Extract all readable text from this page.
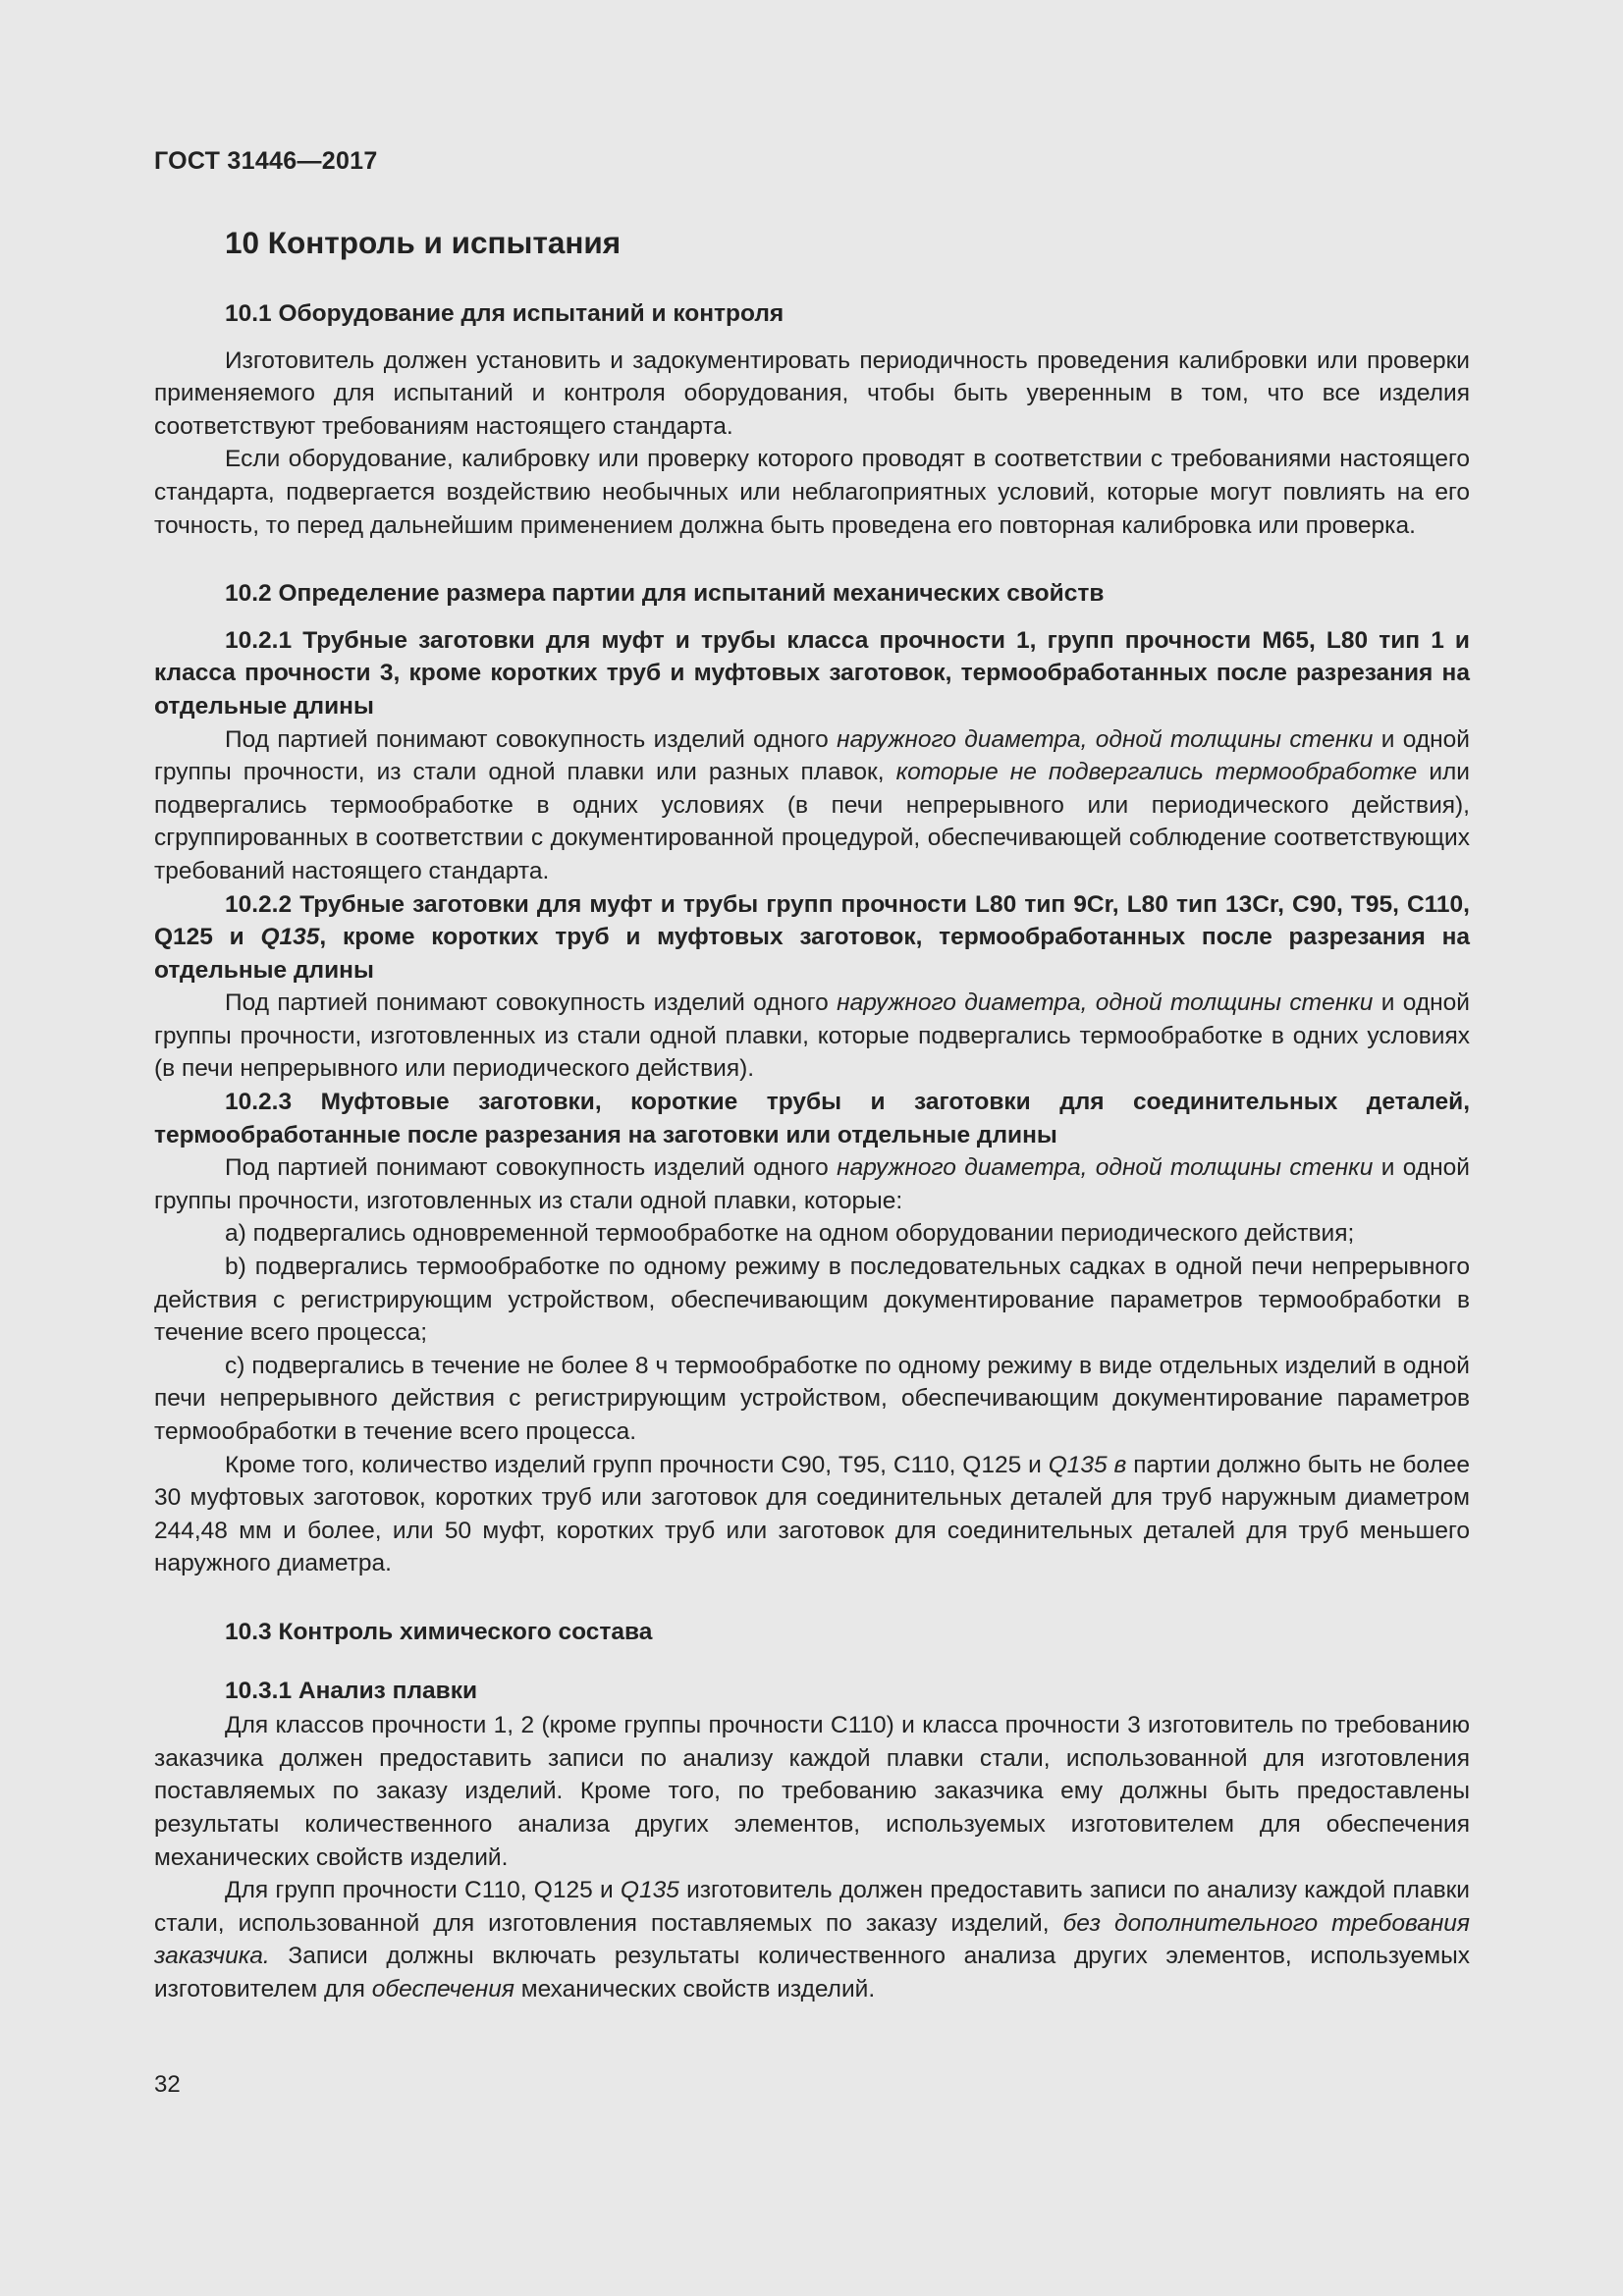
ГОСТ 31446—2017
10 Контроль и испытания
10.1 Оборудование для испытаний и контроля

Изготовитель должен установить и задокументировать периодичность проведения калибровки или проверки применяемого для испытаний и контроля оборудования, чтобы быть уверенным в том, что все изделия соответствуют требованиям настоящего стандарта.

Если оборудование, калибровку или проверку которого проводят в соответствии с требованиями настоящего стандарта, подвергается воздействию необычных или неблагоприятных условий, которые могут повлиять на его точность, то перед дальнейшим применением должна быть проведена его повторная калибровка или проверка.

10.2 Определение размера партии для испытаний механических свойств
10.2.1 Трубные заготовки для муфт и трубы класса прочности 1, групп прочности М65, L80 тип 1 и класса прочности 3, кроме коротких труб и муфтовых заготовок, термообработанных после разрезания на отдельные длины

Под партией понимают совокупность изделий одного наружного диаметра, одной толщины стенки и одной группы прочности, из стали одной плавки или разных плавок, которые не подвергались термообработке или подвергались термообработке в одних условиях (в печи непрерывного или периодического действия), сгруппированных в соответствии с документированной процедурой, обеспечивающей соблюдение соответствующих требований настоящего стандарта.

10.2.2 Трубные заготовки для муфт и трубы групп прочности L80 тип 9Cr, L80 тип 13Cr, С90, Т95, С110, Q125 и Q135, кроме коротких труб и муфтовых заготовок, термообработанных после разрезания на отдельные длины

Под партией понимают совокупность изделий одного наружного диаметра, одной толщины стенки и одной группы прочности, изготовленных из стали одной плавки, которые подвергались термообработке в одних условиях (в печи непрерывного или периодического действия).

10.2.3 Муфтовые заготовки, короткие трубы и заготовки для соединительных деталей, термообработанные после разрезания на заготовки или отдельные длины

Под партией понимают совокупность изделий одного наружного диаметра, одной толщины стенки и одной группы прочности, изготовленных из стали одной плавки, которые:

а) подвергались одновременной термообработке на одном оборудовании периодического действия;

b) подвергались термообработке по одному режиму в последовательных садках в одной печи непрерывного действия с регистрирующим устройством, обеспечивающим документирование параметров термообработки в течение всего процесса;

с) подвергались в течение не более 8 ч термообработке по одному режиму в виде отдельных изделий в одной печи непрерывного действия с регистрирующим устройством, обеспечивающим документирование параметров термообработки в течение всего процесса.

Кроме того, количество изделий групп прочности С90, Т95, С110, Q125 и Q135 в партии должно быть не более 30 муфтовых заготовок, коротких труб или заготовок для соединительных деталей для труб наружным диаметром 244,48 мм и более, или 50 муфт, коротких труб или заготовок для соединительных деталей для труб меньшего наружного диаметра.

10.3 Контроль химического состава
10.3.1 Анализ плавки

Для классов прочности 1, 2 (кроме группы прочности С110) и класса прочности 3 изготовитель по требованию заказчика должен предоставить записи по анализу каждой плавки стали, использованной для изготовления поставляемых по заказу изделий. Кроме того, по требованию заказчика ему должны быть предоставлены результаты количественного анализа других элементов, используемых изготовителем для обеспечения механических свойств изделий.

Для групп прочности С110, Q125 и Q135 изготовитель должен предоставить записи по анализу каждой плавки стали, использованной для изготовления поставляемых по заказу изделий, без дополнительного требования заказчика. Записи должны включать результаты количественного анализа других элементов, используемых изготовителем для обеспечения механических свойств изделий.

32
